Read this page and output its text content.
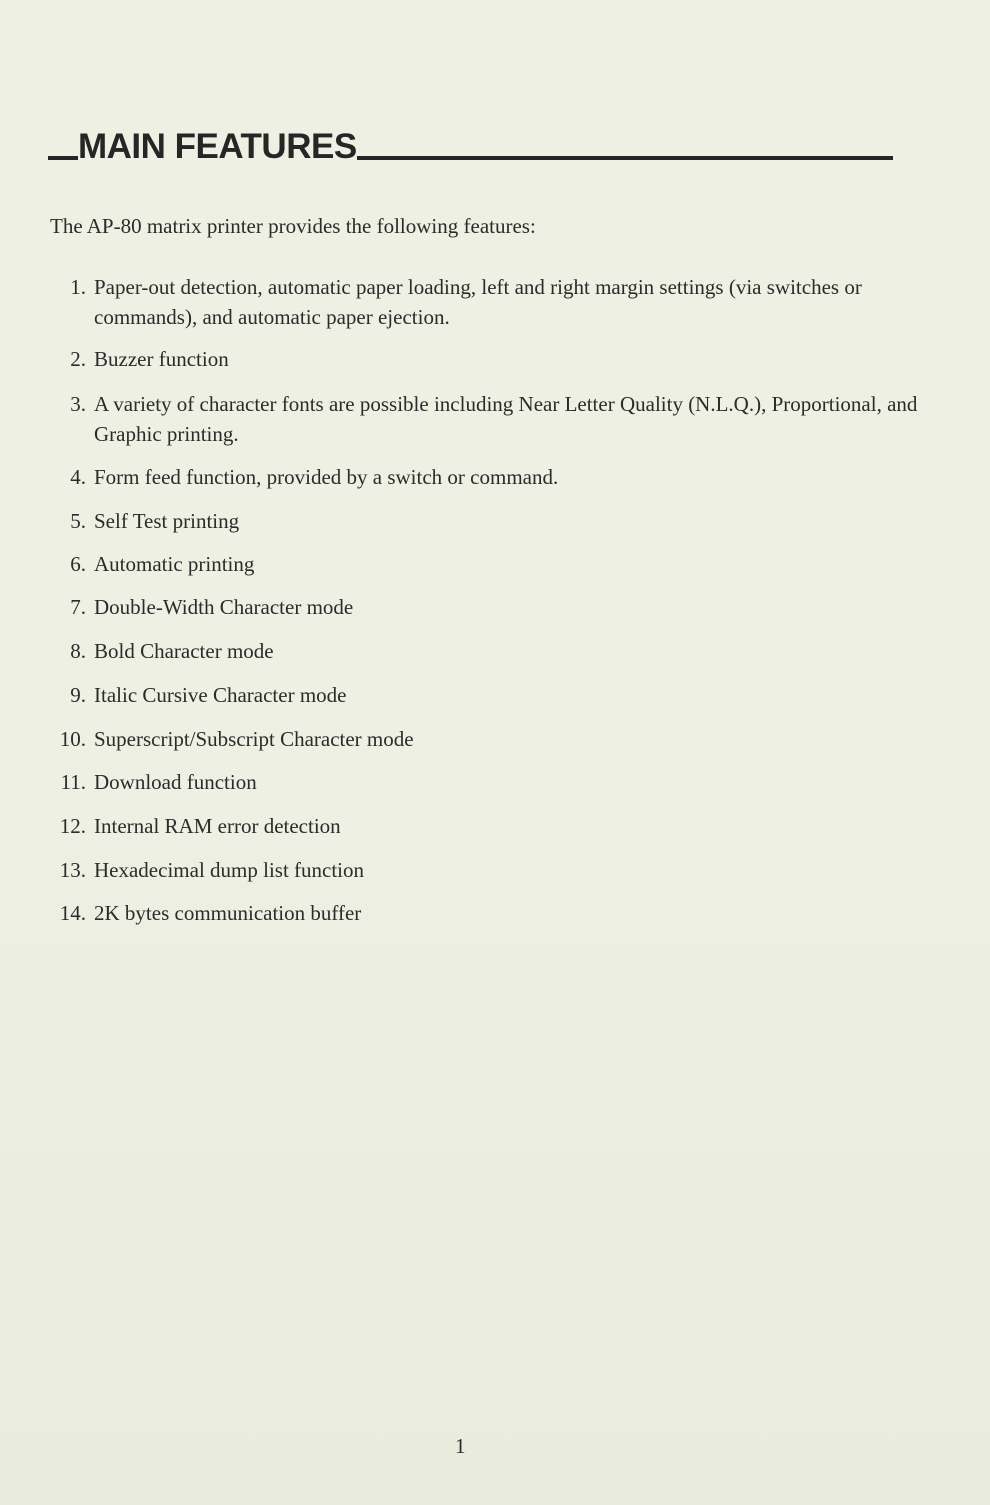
MAIN FEATURES
The AP-80 matrix printer provides the following features:
1. Paper-out detection, automatic paper loading, left and right margin settings (via switches or commands), and automatic paper ejection.
2. Buzzer function
3. A variety of character fonts are possible including Near Letter Quality (N.L.Q.), Proportional, and Graphic printing.
4. Form feed function, provided by a switch or command.
5. Self Test printing
6. Automatic printing
7. Double-Width Character mode
8. Bold Character mode
9. Italic Cursive Character mode
10. Superscript/Subscript Character mode
11. Download function
12. Internal RAM error detection
13. Hexadecimal dump list function
14. 2K bytes communication buffer
1
